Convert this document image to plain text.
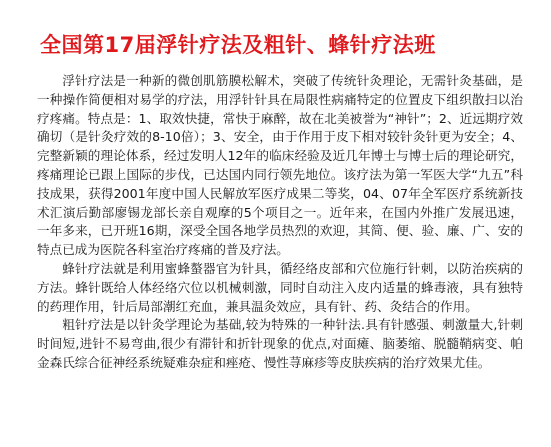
全国第17届浮针疗法及粗针、蜂针疗法班

浮针疗法是一种新的微创肌筋膜松解术，突破了传统针灸理论，无需针灸基础，是一种操作简便相对易学的疗法，用浮针针具在局限性病痛特定的位置皮下组织散扫以治疗疼痛。特点是：1、取效快捷，常快于麻醉，故在北美被誉为“神针”；2、近远期疗效确切（是针灸疗效的8-10倍）；3、安全，由于作用于皮下相对较针灸针更为安全；4、完整新颖的理论体系，经过发明人12年的临床经验及近几年博士与博士后的理论研究，疼痛理论已跟上国际的步伐，已达国内同行领先地位。该疗法为第一军医大学“九五”科技成果，获得2001年度中国人民解放军医疗成果二等奖，04、07年全军医疗系统新技术汇演后勤部廖锡龙部长亲自观摩的5个项目之一。近年来，在国内外推广发展迅速，一年多来，已开班16期，深受全国各地学员热烈的欢迎，其简、便、验、廉、广、安的特点已成为医院各科室治疗疼痛的普及疗法。

蜂针疗法就是利用蜜蜂螯器官为针具，循经络皮部和穴位施行针刺，以防治疾病的方法。蜂针既给人体经络穴位以机械刺激，同时自动注入皮内适量的蜂毒液，具有独特的药理作用，针后局部潮红充血，兼具温灸效应，具有针、药、灸结合的作用。

粗针疗法是以针灸学理论为基础,较为特殊的一种针法.具有针感强、刺激量大,针刺时间短,进针不易弯曲,很少有滞针和折针现象的优点,对面瘫、脑萎缩、脱髓鞘病变、帕金森氏综合征神经系统疑难杂症和痤疮、慢性荨麻疹等皮肤疾病的治疗效果尤佳。
